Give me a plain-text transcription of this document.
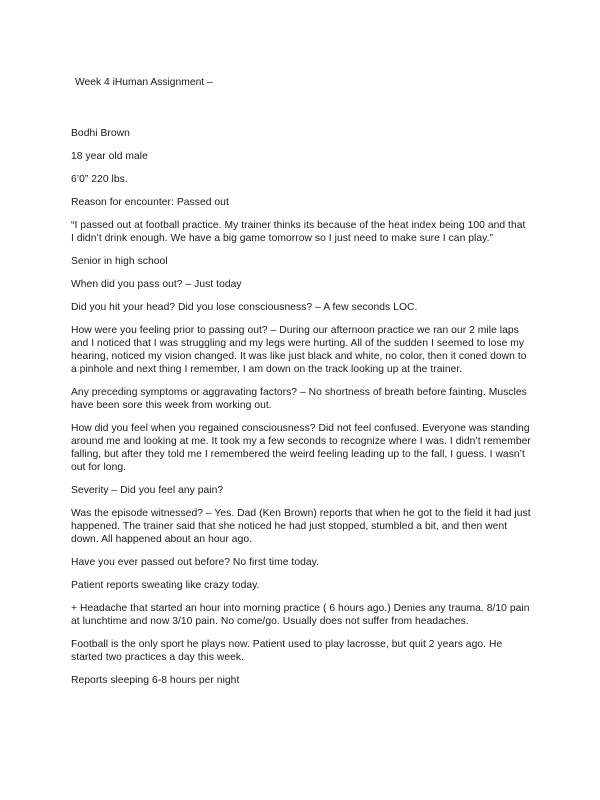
Week 4 iHuman Assignment –

Bodhi Brown

18 year old male

6’0” 220 lbs.

Reason for encounter: Passed out

“I passed out at football practice. My trainer thinks its because of the heat index being 100 and that I didn’t drink enough. We have a big game tomorrow so I just need to make sure I can play.”

Senior in high school

When did you pass out? – Just today

Did you hit your head? Did you lose consciousness? – A few seconds LOC.

How were you feeling prior to passing out? – During our afternoon practice we ran our 2 mile laps and I noticed that I was struggling and my legs were hurting. All of the sudden I seemed to lose my hearing, noticed my vision changed. It was like just black and white, no color, then it coned down to a pinhole and next thing I remember, I am down on the track looking up at the trainer.

Any preceding symptoms or aggravating factors? – No shortness of breath before fainting. Muscles have been sore this week from working out.

How did you feel when you regained consciousness? Did not feel confused. Everyone was standing around me and looking at me. It took my a few seconds to recognize where I was. I didn’t remember falling, but after they told me I remembered the weird feeling leading up to the fall, I guess. I wasn’t out for long.

Severity – Did you feel any pain?

Was the episode witnessed? – Yes. Dad (Ken Brown) reports that when he got to the field it had just happened. The trainer said that she noticed he had just stopped, stumbled a bit, and then went down. All happened about an hour ago.

Have you ever passed out before? No first time today.

Patient reports sweating like crazy today.

+ Headache that started an hour into morning practice ( 6 hours ago.) Denies any trauma. 8/10 pain at lunchtime and now 3/10 pain. No come/go. Usually does not suffer from headaches.

Football is the only sport he plays now. Patient used to play lacrosse, but quit 2 years ago. He started two practices a day this week.

Reports sleeping 6-8 hours per night
